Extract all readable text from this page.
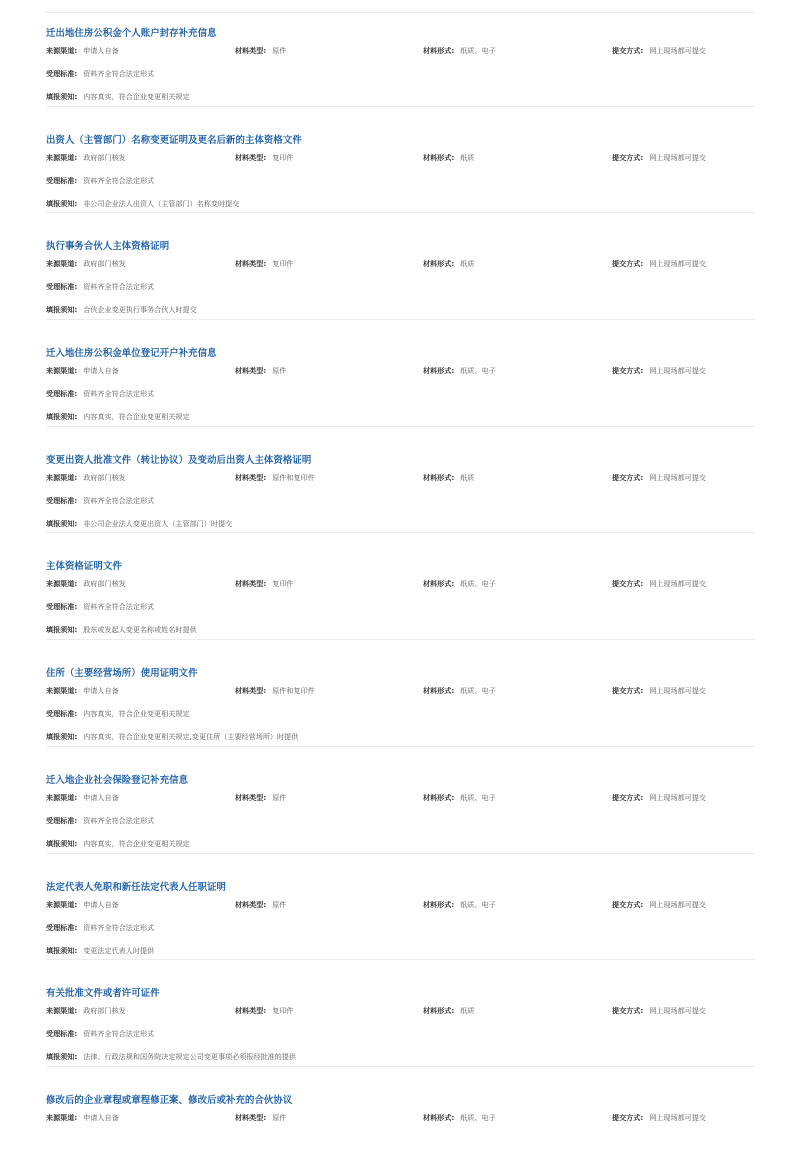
迁出地住房公积金个人账户封存补充信息
来源渠道: 申请人自备	材料类型: 原件	材料形式: 纸质、电子	提交方式: 网上现场都可提交
受理标准: 资料齐全符合法定形式
填报须知: 内容真实，符合企业变更相关规定
出资人（主管部门）名称变更证明及更名后新的主体资格文件
来源渠道: 政府部门核发	材料类型: 复印件	材料形式: 纸质	提交方式: 网上现场都可提交
受理标准: 资料齐全符合法定形式
填报须知: 非公司企业法人出资人（主管部门）名称变时提交
执行事务合伙人主体资格证明
来源渠道: 政府部门核发	材料类型: 复印件	材料形式: 纸质	提交方式: 网上现场都可提交
受理标准: 资料齐全符合法定形式
填报须知: 合伙企业变更执行事务合伙人时提交
迁入地住房公积金单位登记开户补充信息
来源渠道: 申请人自备	材料类型: 原件	材料形式: 纸质、电子	提交方式: 网上现场都可提交
受理标准: 资料齐全符合法定形式
填报须知: 内容真实，符合企业变更相关规定
变更出资人批准文件（转让协议）及变动后出资人主体资格证明
来源渠道: 政府部门核发	材料类型: 原件和复印件	材料形式: 纸质	提交方式: 网上现场都可提交
受理标准: 资料齐全符合法定形式
填报须知: 非公司企业法人变更出资人（主管部门）时提交
主体资格证明文件
来源渠道: 政府部门核发	材料类型: 复印件	材料形式: 纸质、电子	提交方式: 网上现场都可提交
受理标准: 资料齐全符合法定形式
填报须知: 股东或发起人变更名称或姓名时提供
住所（主要经营场所）使用证明文件
来源渠道: 申请人自备	材料类型: 原件和复印件	材料形式: 纸质、电子	提交方式: 网上现场都可提交
受理标准: 内容真实，符合企业变更相关规定
填报须知: 内容真实，符合企业变更相关规定,变更住所（主要经营场所）时提供
迁入地企业社会保险登记补充信息
来源渠道: 申请人自备	材料类型: 原件	材料形式: 纸质、电子	提交方式: 网上现场都可提交
受理标准: 资料齐全符合法定形式
填报须知: 内容真实，符合企业变更相关规定
法定代表人免职和新任法定代表人任职证明
来源渠道: 申请人自备	材料类型: 原件	材料形式: 纸质、电子	提交方式: 网上现场都可提交
受理标准: 资料齐全符合法定形式
填报须知: 变更法定代表人时提供
有关批准文件或者许可证件
来源渠道: 政府部门核发	材料类型: 复印件	材料形式: 纸质	提交方式: 网上现场都可提交
受理标准: 资料齐全符合法定形式
填报须知: 法律、行政法规和国务院决定规定公司变更事项必须报经批准的提供
修改后的企业章程或章程修正案、修改后或补充的合伙协议
来源渠道: 申请人自备	材料类型: 原件	材料形式: 纸质、电子	提交方式: 网上现场都可提交
